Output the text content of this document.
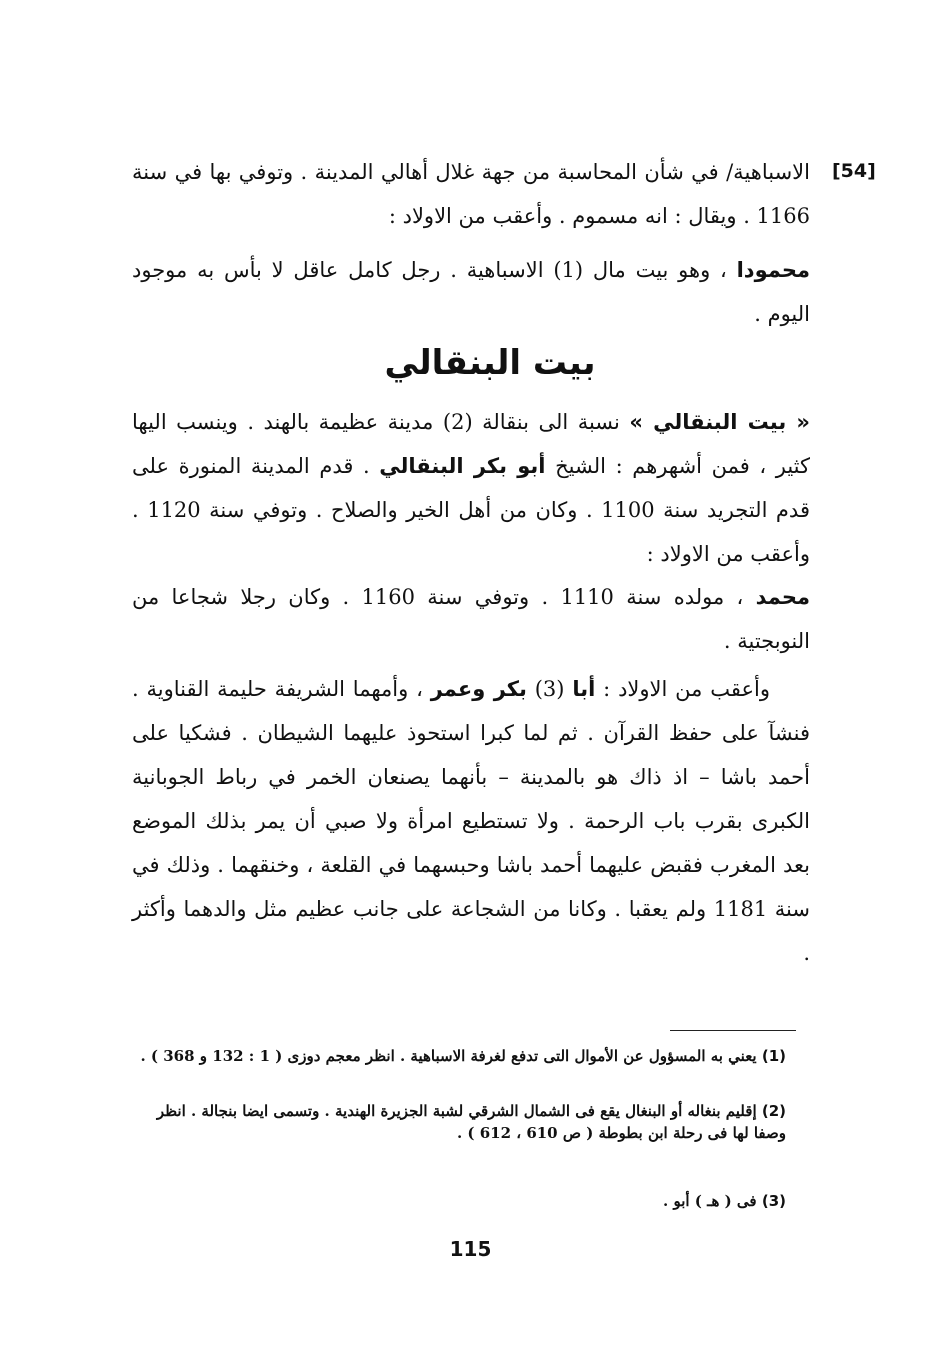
[54]

الاسباهية/ في شأن المحاسبة من جهة غلال أهالي المدينة . وتوفي بها في سنة 1166 . ويقال : انه مسموم . وأعقب من الاولاد :

محمودا ، وهو بيت مال (1) الاسباهية . رجل كامل عاقل لا بأس به موجود اليوم .

بيت البنقالي

« بيت البنقالي » نسبة الى بنقالة (2) مدينة عظيمة بالهند . وينسب اليها كثير ، فمن أشهرهم : الشيخ أبو بكر البنقالي . قدم المدينة المنورة على قدم التجريد سنة 1100 . وكان من أهل الخير والصلاح . وتوفي سنة 1120 . وأعقب من الاولاد :

محمد ، مولده سنة 1110 . وتوفي سنة 1160 . وكان رجلا شجاعا من النوبجتية .

وأعقب من الاولاد : أبا (3) بكر وعمر ، وأمهما الشريفة حليمة القناوية . فنشآ على حفظ القرآن . ثم لما كبرا استحوذ عليهما الشيطان . فشكيا على أحمد باشا – اذ ذاك هو بالمدينة – بأنهما يصنعان الخمر في رباط الجوبانية الكبرى بقرب باب الرحمة . ولا تستطيع امرأة ولا صبي أن يمر بذلك الموضع بعد المغرب فقبض عليهما أحمد باشا وحبسهما في القلعة ، وخنقهما . وذلك في سنة 1181 ولم يعقبا . وكانا من الشجاعة على جانب عظيم مثل والدهما وأكثر .

(1) يعني به المسؤول عن الأموال التى تدفع لغرفة الاسباهية . انظر معجم دوزى ( 1 : 132 و 368 ) .
(2) إقليم بنغاله أو البنغال يقع فى الشمال الشرقي لشبة الجزيرة الهندية . وتسمى ايضا بنجالة . انظر وصفا لها فى رحلة ابن بطوطة ( ص 610 ، 612 ) .
(3) فى ( هـ ) أبو .
115
